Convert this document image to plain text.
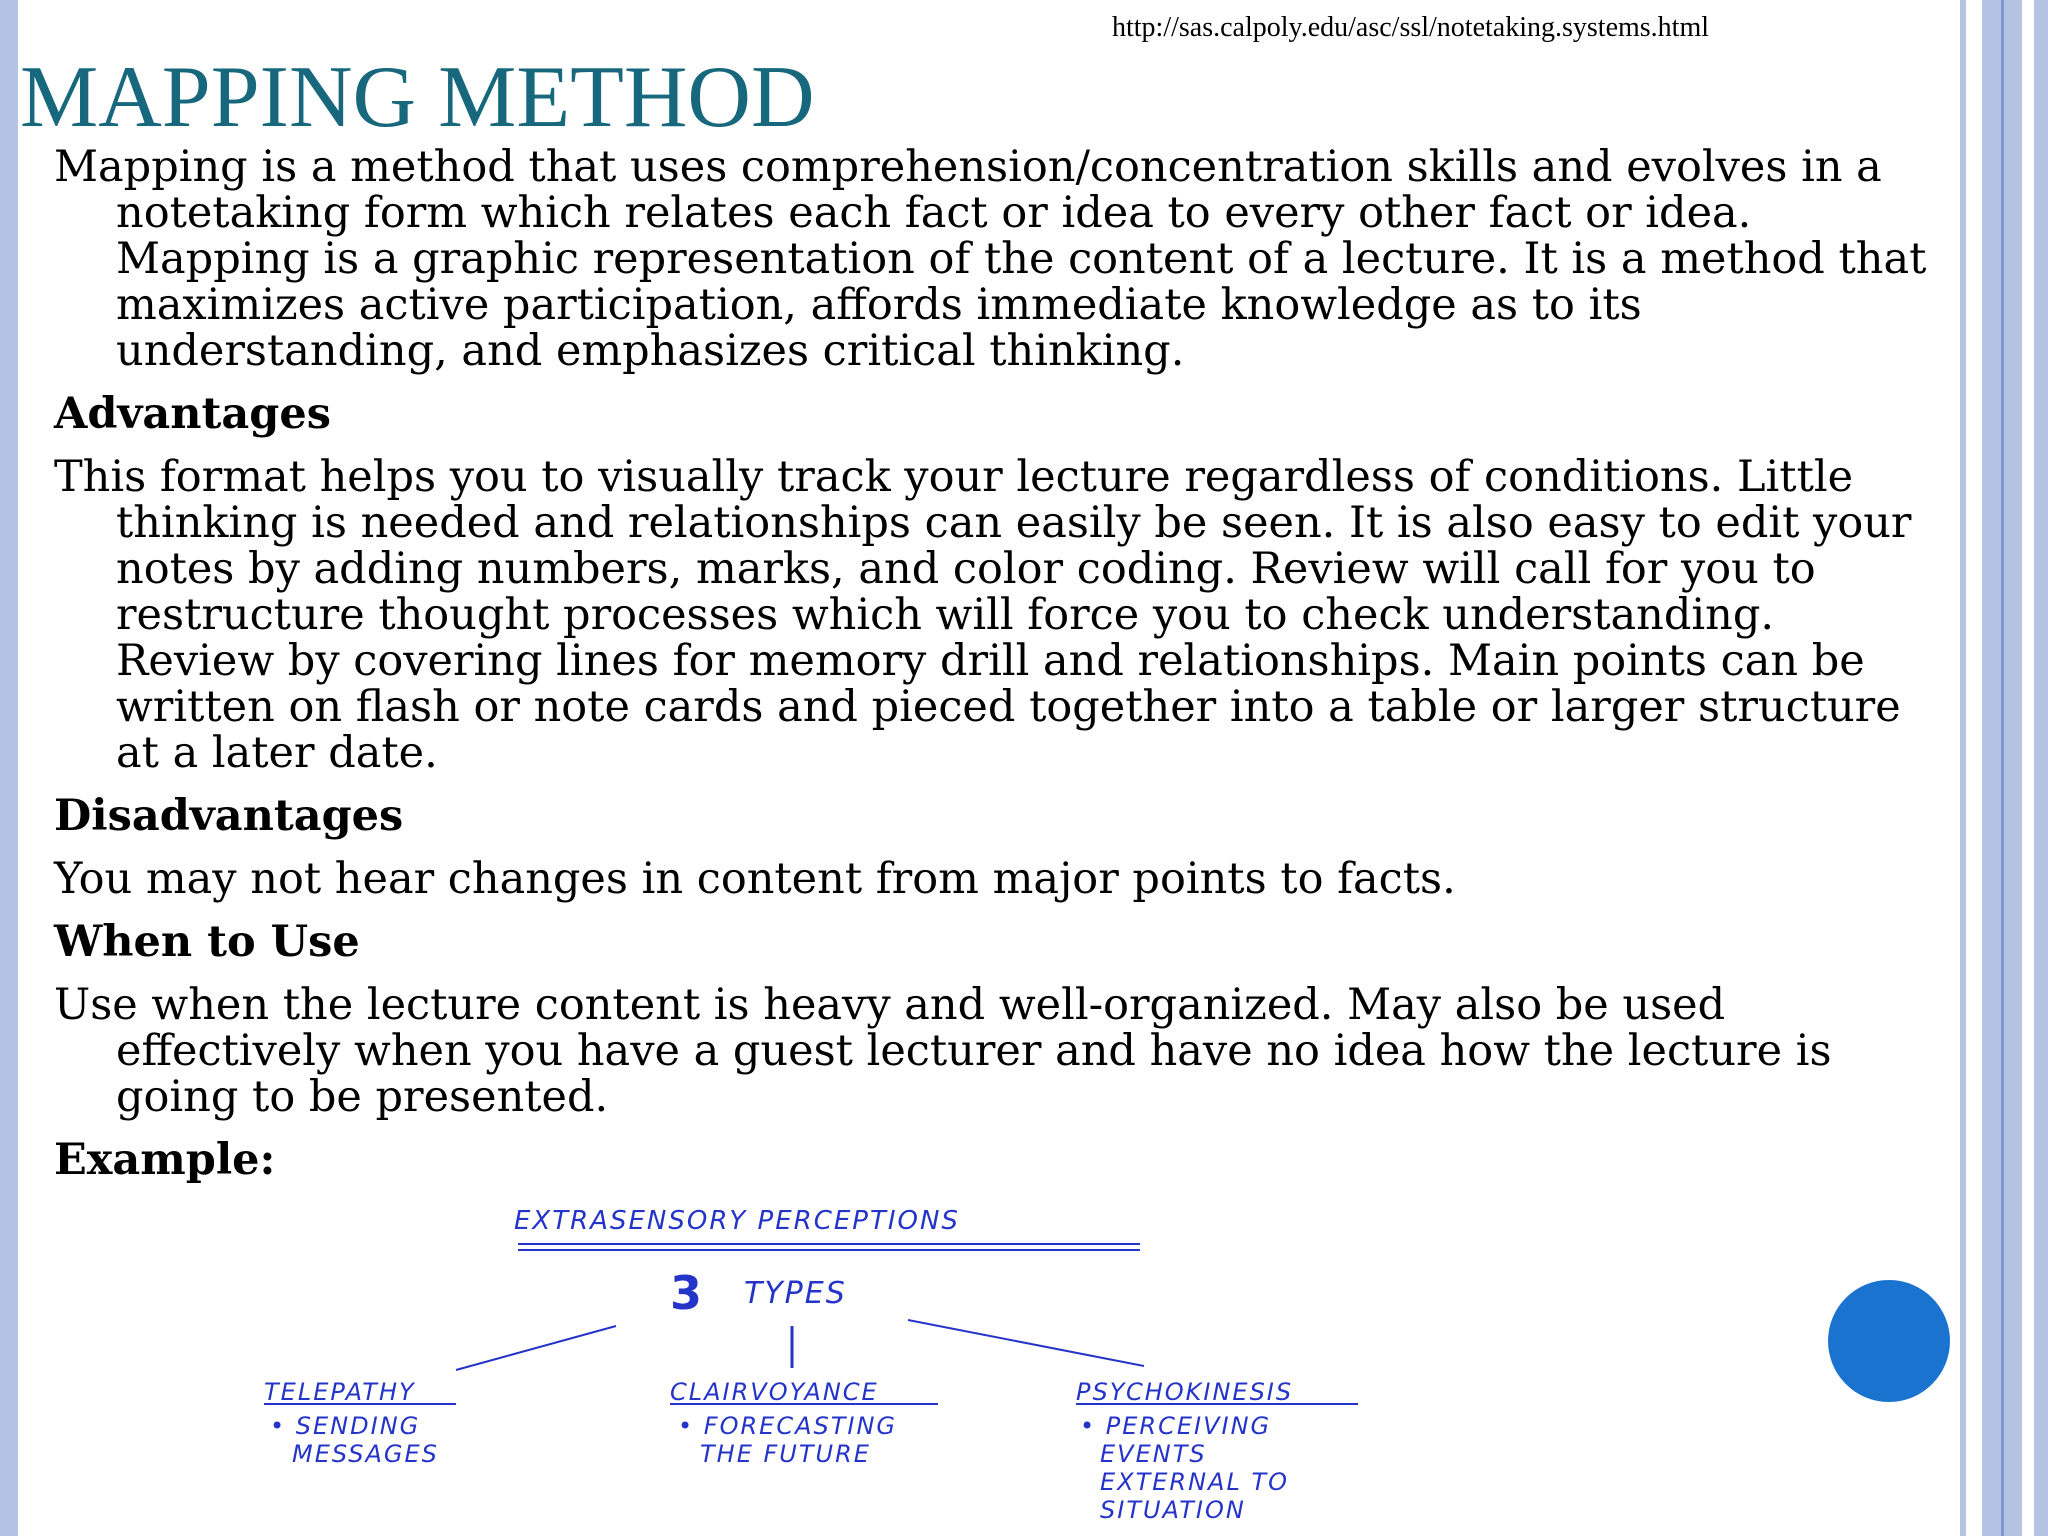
http://sas.calpoly.edu/asc/ssl/notetaking.systems.html
MAPPING METHOD

Mapping is a method that uses comprehension/concentration skills and evolves in a notetaking form which relates each fact or idea to every other fact or idea. Mapping is a graphic representation of the content of a lecture. It is a method that maximizes active participation, affords immediate knowledge as to its understanding, and emphasizes critical thinking.

Advantages

This format helps you to visually track your lecture regardless of conditions. Little thinking is needed and relationships can easily be seen. It is also easy to edit your notes by adding numbers, marks, and color coding. Review will call for you to restructure thought processes which will force you to check understanding. Review by covering lines for memory drill and relationships. Main points can be written on flash or note cards and pieced together into a table or larger structure at a later date.

Disadvantages

You may not hear changes in content from major points to facts.

When to Use

Use when the lecture content is heavy and well-organized. May also be used effectively when you have a guest lecturer and have no idea how the lecture is going to be presented.

Example:

EXTRASENSORY PERCEPTIONS
3 TYPES
TELEPATHY
• SENDING
MESSAGES
CLAIRVOYANCE
• FORECASTING
THE FUTURE
PSYCHOKINESIS
• PERCEIVING
EVENTS
EXTERNAL TO
SITUATION
